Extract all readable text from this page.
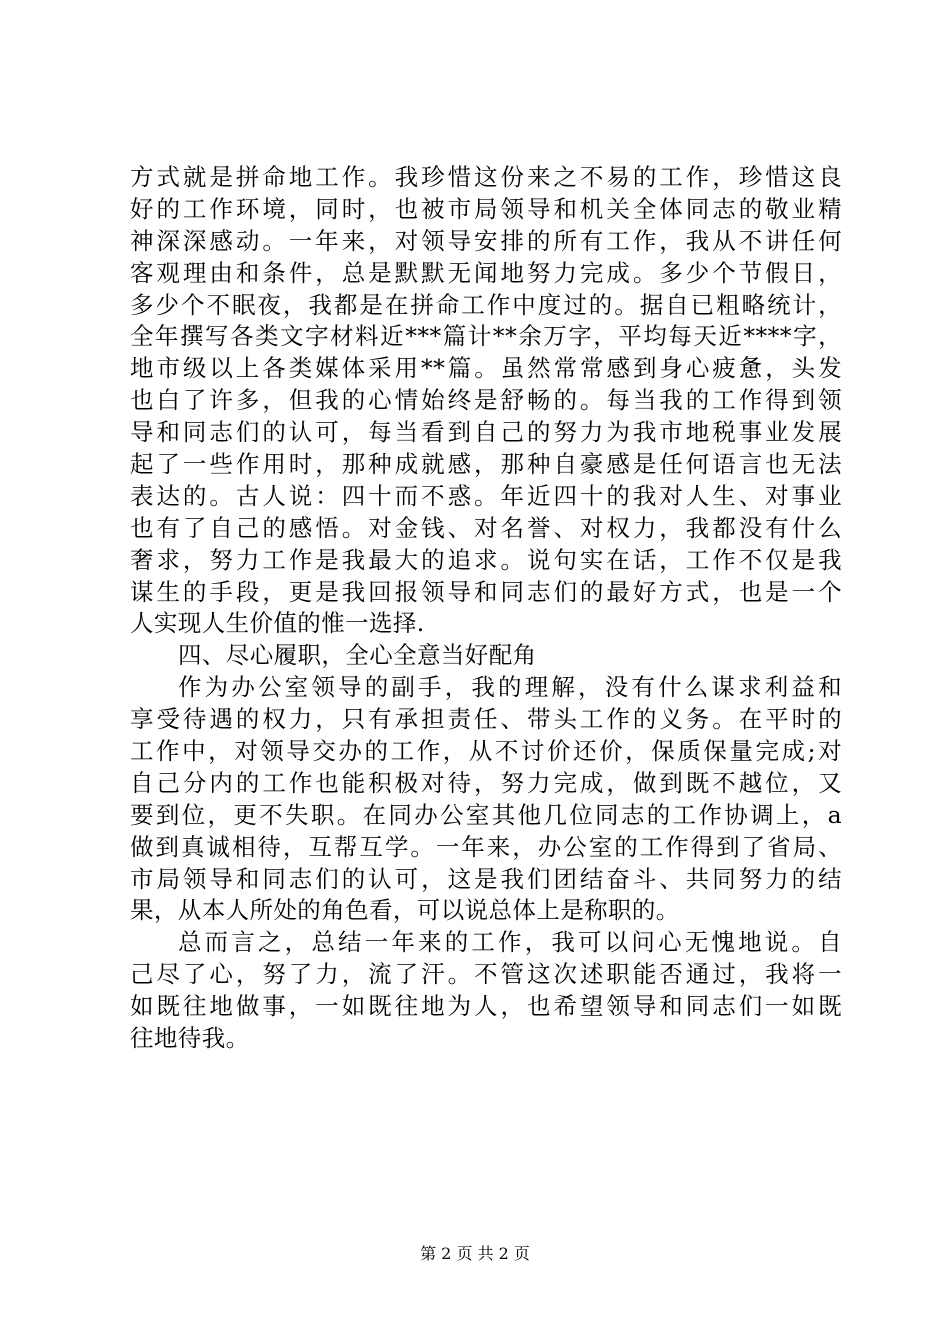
方式就是拼命地工作。我珍惜这份来之不易的工作，珍惜这良
好的工作环境，同时，也被市局领导和机关全体同志的敬业精
神深深感动。一年来，对领导安排的所有工作，我从不讲任何
客观理由和条件，总是默默无闻地努力完成。多少个节假日，
多少个不眠夜，我都是在拼命工作中度过的。据自已粗略统计，
全年撰写各类文字材料近***篇计**余万字，平均每天近****字，
地市级以上各类媒体采用**篇。虽然常常感到身心疲惫，头发
也白了许多，但我的心情始终是舒畅的。每当我的工作得到领
导和同志们的认可，每当看到自己的努力为我市地税事业发展
起了一些作用时，那种成就感，那种自豪感是任何语言也无法
表达的。古人说：四十而不惑。年近四十的我对人生、对事业
也有了自己的感悟。对金钱、对名誉、对权力，我都没有什么
奢求，努力工作是我最大的追求。说句实在话，工作不仅是我
谋生的手段，更是我回报领导和同志们的最好方式，也是一个
人实现人生价值的惟一选择.
四、尽心履职，全心全意当好配角
作为办公室领导的副手，我的理解，没有什么谋求利益和
享受待遇的权力，只有承担责任、带头工作的义务。在平时的
工作中，对领导交办的工作，从不讨价还价，保质保量完成;对
自己分内的工作也能积极对待，努力完成，做到既不越位，又
要到位，更不失职。在同办公室其他几位同志的工作协调上，a
做到真诚相待，互帮互学。一年来，办公室的工作得到了省局、
市局领导和同志们的认可，这是我们团结奋斗、共同努力的结
果，从本人所处的角色看，可以说总体上是称职的。
总而言之，总结一年来的工作，我可以问心无愧地说。自
己尽了心，努了力，流了汗。不管这次述职能否通过，我将一
如既往地做事，一如既往地为人，也希望领导和同志们一如既
往地待我。
第 2 页 共 2 页
